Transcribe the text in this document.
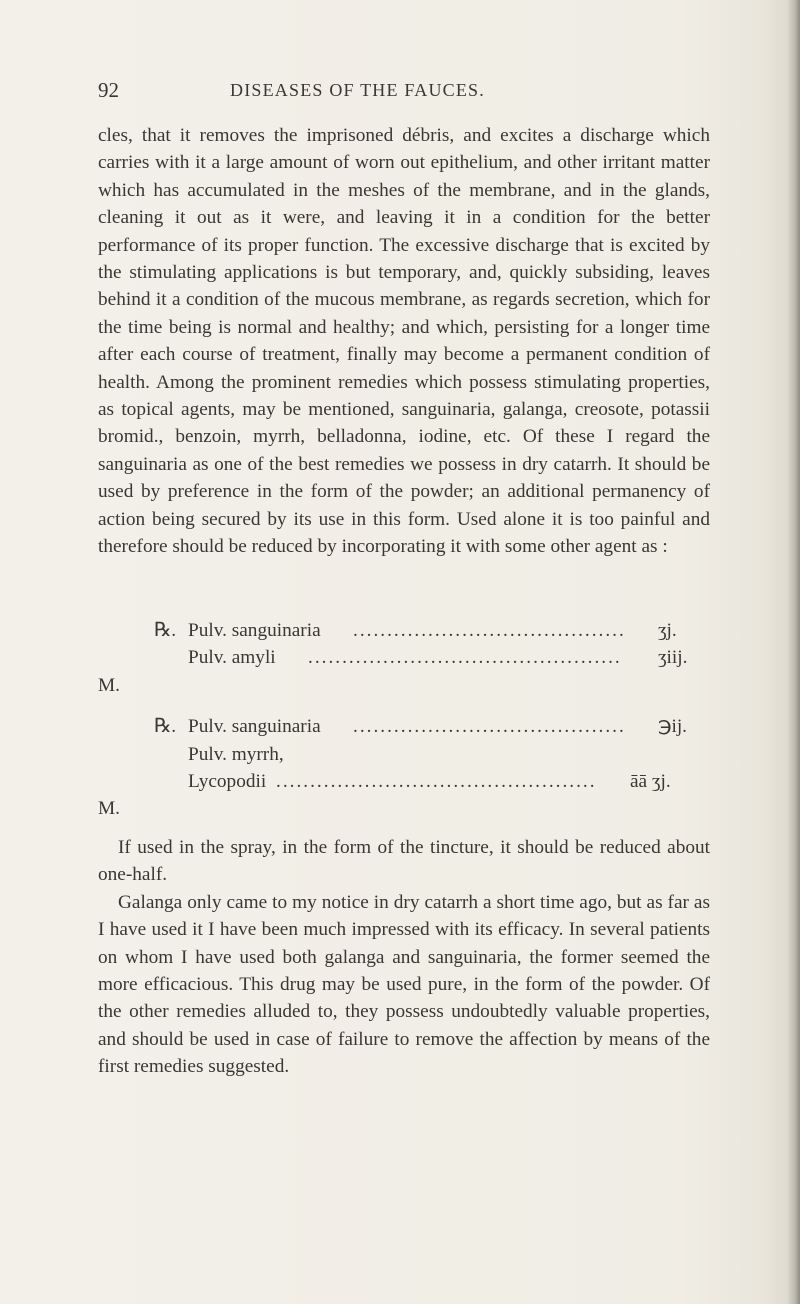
92	DISEASES OF THE FAUCES.

cles, that it removes the imprisoned débris, and excites a discharge which carries with it a large amount of worn out epithelium, and other irritant matter which has accumulated in the meshes of the membrane, and in the glands, cleaning it out as it were, and leaving it in a condition for the better performance of its proper function. The excessive discharge that is excited by the stimulating applications is but temporary, and, quickly subsiding, leaves behind it a condition of the mucous membrane, as regards secretion, which for the time being is normal and healthy; and which, persisting for a longer time after each course of treatment, finally may become a permanent condition of health. Among the prominent remedies which possess stimulating properties, as topical agents, may be mentioned, sanguinaria, galanga, creosote, potassii bromid., benzoin, myrrh, belladonna, iodine, etc. Of these I regard the sanguinaria as one of the best remedies we possess in dry catarrh. It should be used by preference in the form of the powder; an additional permanency of action being secured by its use in this form. Used alone it is too painful and therefore should be reduced by incorporating it with some other agent as :

℞. Pulv. sanguinaria ........................................	ʒj.
Pulv. amyli ..............................................	ʒiij.
M.
℞. Pulv. sanguinaria ........................................	℈ij.
Pulv. myrrh,
Lycopodii ...............................................	āā ʒj.
M.

If used in the spray, in the form of the tincture, it should be reduced about one-half.

Galanga only came to my notice in dry catarrh a short time ago, but as far as I have used it I have been much impressed with its efficacy. In several patients on whom I have used both galanga and sanguinaria, the former seemed the more efficacious. This drug may be used pure, in the form of the powder. Of the other remedies alluded to, they possess undoubtedly valuable properties, and should be used in case of failure to remove the affection by means of the first remedies suggested.
